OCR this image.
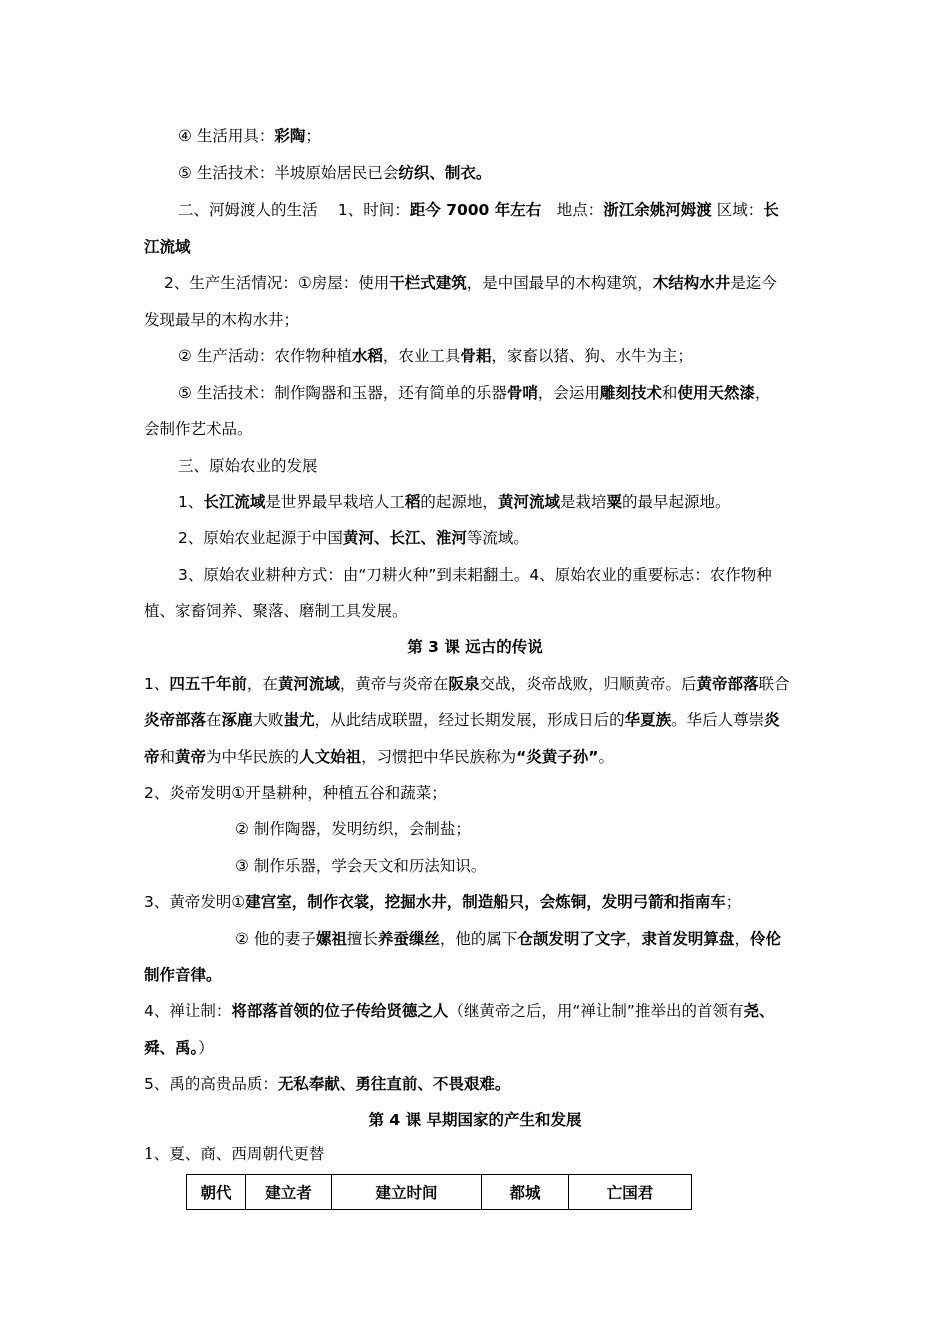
④ 生活用具：彩陶；
⑤ 生活技术：半坡原始居民已会纺织、制衣。
二、河姆渡人的生活　 1、时间：距今 7000 年左右　地点：浙江余姚河姆渡 区域：长
江流域
2、生产生活情况：①房屋：使用干栏式建筑，是中国最早的木构建筑，木结构水井是迄今
发现最早的木构水井；
② 生产活动：农作物种植水稻，农业工具骨耜，家畜以猪、狗、水牛为主；
⑤ 生活技术：制作陶器和玉器，还有简单的乐器骨哨，会运用雕刻技术和使用天然漆，
会制作艺术品。
三、原始农业的发展
1、长江流域是世界最早栽培人工稻的起源地，黄河流域是栽培粟的最早起源地。
2、原始农业起源于中国黄河、长江、淮河等流域。
3、原始农业耕种方式：由“刀耕火种”到耒耜翻土。4、原始农业的重要标志：农作物种
植、家畜饲养、聚落、磨制工具发展。
第 3 课 远古的传说
1、四五千年前，在黄河流域，黄帝与炎帝在阪泉交战，炎帝战败，归顺黄帝。后黄帝部落联合
炎帝部落在涿鹿大败蚩尤，从此结成联盟，经过长期发展，形成日后的华夏族。华后人尊崇炎
帝和黄帝为中华民族的人文始祖，习惯把中华民族称为“炎黄子孙”。
2、炎帝发明①开垦耕种，种植五谷和蔬菜；
② 制作陶器，发明纺织，会制盐；
③ 制作乐器，学会天文和历法知识。
3、黄帝发明①建宫室，制作衣裳，挖掘水井，制造船只，会炼铜，发明弓箭和指南车；
② 他的妻子嫘祖擅长养蚕缫丝，他的属下仓颉发明了文字，隶首发明算盘，伶伦
制作音律。
4、禅让制：将部落首领的位子传给贤德之人（继黄帝之后，用“禅让制”推举出的首领有尧、
舜、禹。）
5、禹的高贵品质：无私奉献、勇往直前、不畏艰难。
第 4 课 早期国家的产生和发展
1、夏、商、西周朝代更替
朝代	建立者	建立时间	都城	亡国君
